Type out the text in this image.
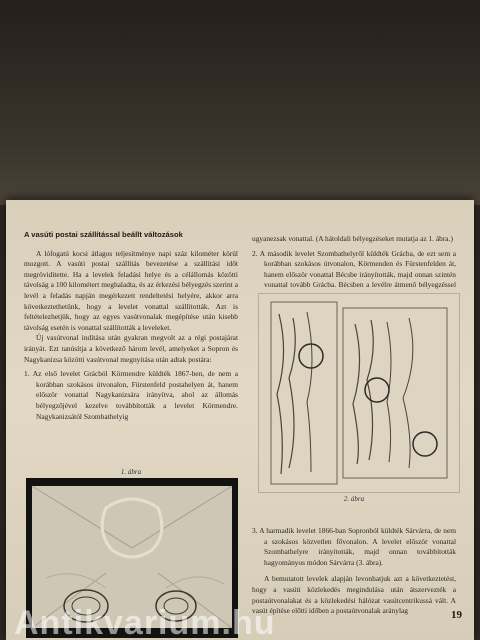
A vasúti postai szállítással beállt változások

A lófogatú kocsi átlagos teljesítménye napi száz kilométer körül mozgott. A vasúti postai szállítás bevezetése a szállítási időt megrövidítette. Ha a levelek feladási helye és a célállomás közötti távolság a 100 kilométert meghaladta, és az érkezési bélyegzés szerint a levél a feladás napján megérkezett rendeltetési helyére, akkor arra következtethetünk, hogy a levelet vonattal szállították. Azt is feltételezhetjük, hogy az egyes vasútvonalak megépítése után kisebb távolság esetén is vonattal szállították a leveleket.

Új vasútvonal indítása után gyakran megvolt az a régi postajárat irányát. Ezt tanúsítja a következő három levél, amelyeket a Sopron és Nagykanizsa közötti vasútvonal megnyitása után adtak postára:

1. Az első levelet Grácból Körmendre küldték 1867-ben, de nem a korábban szokásos útvonalon, Fürstenfeld postahelyen át, hanem először vonattal Nagykanizsára irányítva, ahol az állomás bélyegzőjével kezelve továbbították a levelet Körmendre. Nagykanizsától Szombathelyig

1. ábra

ugyanezsak vonattal. (A hátoldali bélyegzéseket mutatja az 1. ábra.)

2. A második levelet Szombathelyről küldték Grácba, de ezt sem a korábban szokásos útvonalon, Körmenden és Fürstenfelden át, hanem először vonattal Bécsbe irányították, majd onnan szintén vonattal tovább Grácba. Bécsben a levélre átmenő bélyegzéssel

2. ábra

3. A harmadik levelet 1866-ban Sopronból küldték Sárvárra, de nem a szokásos közvetlen fővonalon. A levelet először vonattal Szombathelyre irányították, majd onnan továbbították hagyományos módon Sárvárra (3. ábra).

A bemutatott levelek alapján levonhatjuk azt a következtetést, hogy a vasúti közlekedés megindulása után átszervezték a postaútvonalakat és a közlekedési hálózat vasútcentrikussá vált. A vasút építése előtti időben a postaútvonalak aránylag	19
Antikvarium.hu
